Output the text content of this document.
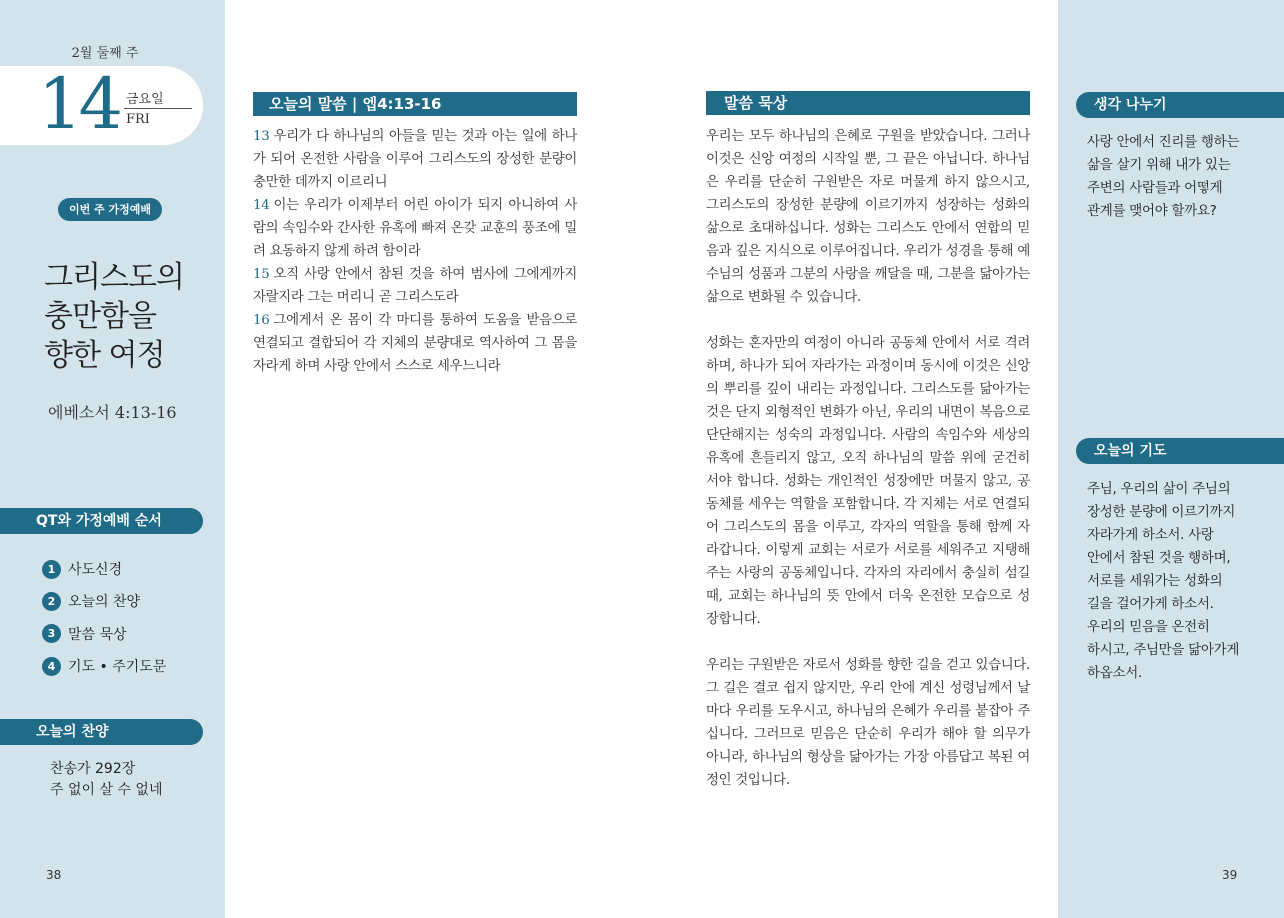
2월 둘째 주
14 금요일
FRI
이번 주 가정예배
그리스도의
충만함을
향한 여정
에베소서 4:13-16
QT와 가정예배 순서
1 사도신경
2 오늘의 찬양
3 말씀 묵상
4 기도 • 주기도문
오늘의 찬양
찬송가 292장
주 없이 살 수 없네
38
오늘의 말씀 | 엡4:13-16
13 우리가 다 하나님의 아들을 믿는 것과 아는 일에 하나가 되어 온전한 사람을 이루어 그리스도의 장성한 분량이 충만한 데까지 이르리니
14 이는 우리가 이제부터 어린 아이가 되지 아니하여 사람의 속임수와 간사한 유혹에 빠져 온갖 교훈의 풍조에 밀려 요동하지 않게 하려 함이라
15 오직 사랑 안에서 참된 것을 하여 범사에 그에게까지 자랄지라 그는 머리니 곧 그리스도라
16 그에게서 온 몸이 각 마디를 통하여 도움을 받음으로 연결되고 결합되어 각 지체의 분량대로 역사하여 그 몸을 자라게 하며 사랑 안에서 스스로 세우느니라
말씀 묵상

우리는 모두 하나님의 은혜로 구원을 받았습니다. 그러나 이것은 신앙 여정의 시작일 뿐, 그 끝은 아닙니다. 하나님은 우리를 단순히 구원받은 자로 머물게 하지 않으시고, 그리스도의 장성한 분량에 이르기까지 성장하는 성화의 삶으로 초대하십니다. 성화는 그리스도 안에서 연합의 믿음과 깊은 지식으로 이루어집니다. 우리가 성경을 통해 예수님의 성품과 그분의 사랑을 깨달을 때, 그분을 닮아가는 삶으로 변화될 수 있습니다.

성화는 혼자만의 여정이 아니라 공동체 안에서 서로 격려하며, 하나가 되어 자라가는 과정이며 동시에 이것은 신앙의 뿌리를 깊이 내리는 과정입니다. 그리스도를 닮아가는 것은 단지 외형적인 변화가 아닌, 우리의 내면이 복음으로 단단해지는 성숙의 과정입니다. 사람의 속임수와 세상의 유혹에 흔들리지 않고, 오직 하나님의 말씀 위에 굳건히 서야 합니다. 성화는 개인적인 성장에만 머물지 않고, 공동체를 세우는 역할을 포함합니다. 각 지체는 서로 연결되어 그리스도의 몸을 이루고, 각자의 역할을 통해 함께 자라갑니다. 이렇게 교회는 서로가 서로를 세워주고 지탱해주는 사랑의 공동체입니다. 각자의 자리에서 충실히 섬길 때, 교회는 하나님의 뜻 안에서 더욱 온전한 모습으로 성장합니다.

우리는 구원받은 자로서 성화를 향한 길을 걷고 있습니다. 그 길은 결코 쉽지 않지만, 우리 안에 계신 성령님께서 날마다 우리를 도우시고, 하나님의 은혜가 우리를 붙잡아 주십니다. 그러므로 믿음은 단순히 우리가 해야 할 의무가 아니라, 하나님의 형상을 닮아가는 가장 아름답고 복된 여정인 것입니다.

생각 나누기
사랑 안에서 진리를 행하는
삶을 살기 위해 내가 있는
주변의 사람들과 어떻게
관계를 맺어야 할까요?
오늘의 기도
주님, 우리의 삶이 주님의
장성한 분량에 이르기까지
자라가게 하소서. 사랑
안에서 참된 것을 행하며,
서로를 세워가는 성화의
길을 걸어가게 하소서.
우리의 믿음을 온전히
하시고, 주님만을 닮아가게
하옵소서.
39
